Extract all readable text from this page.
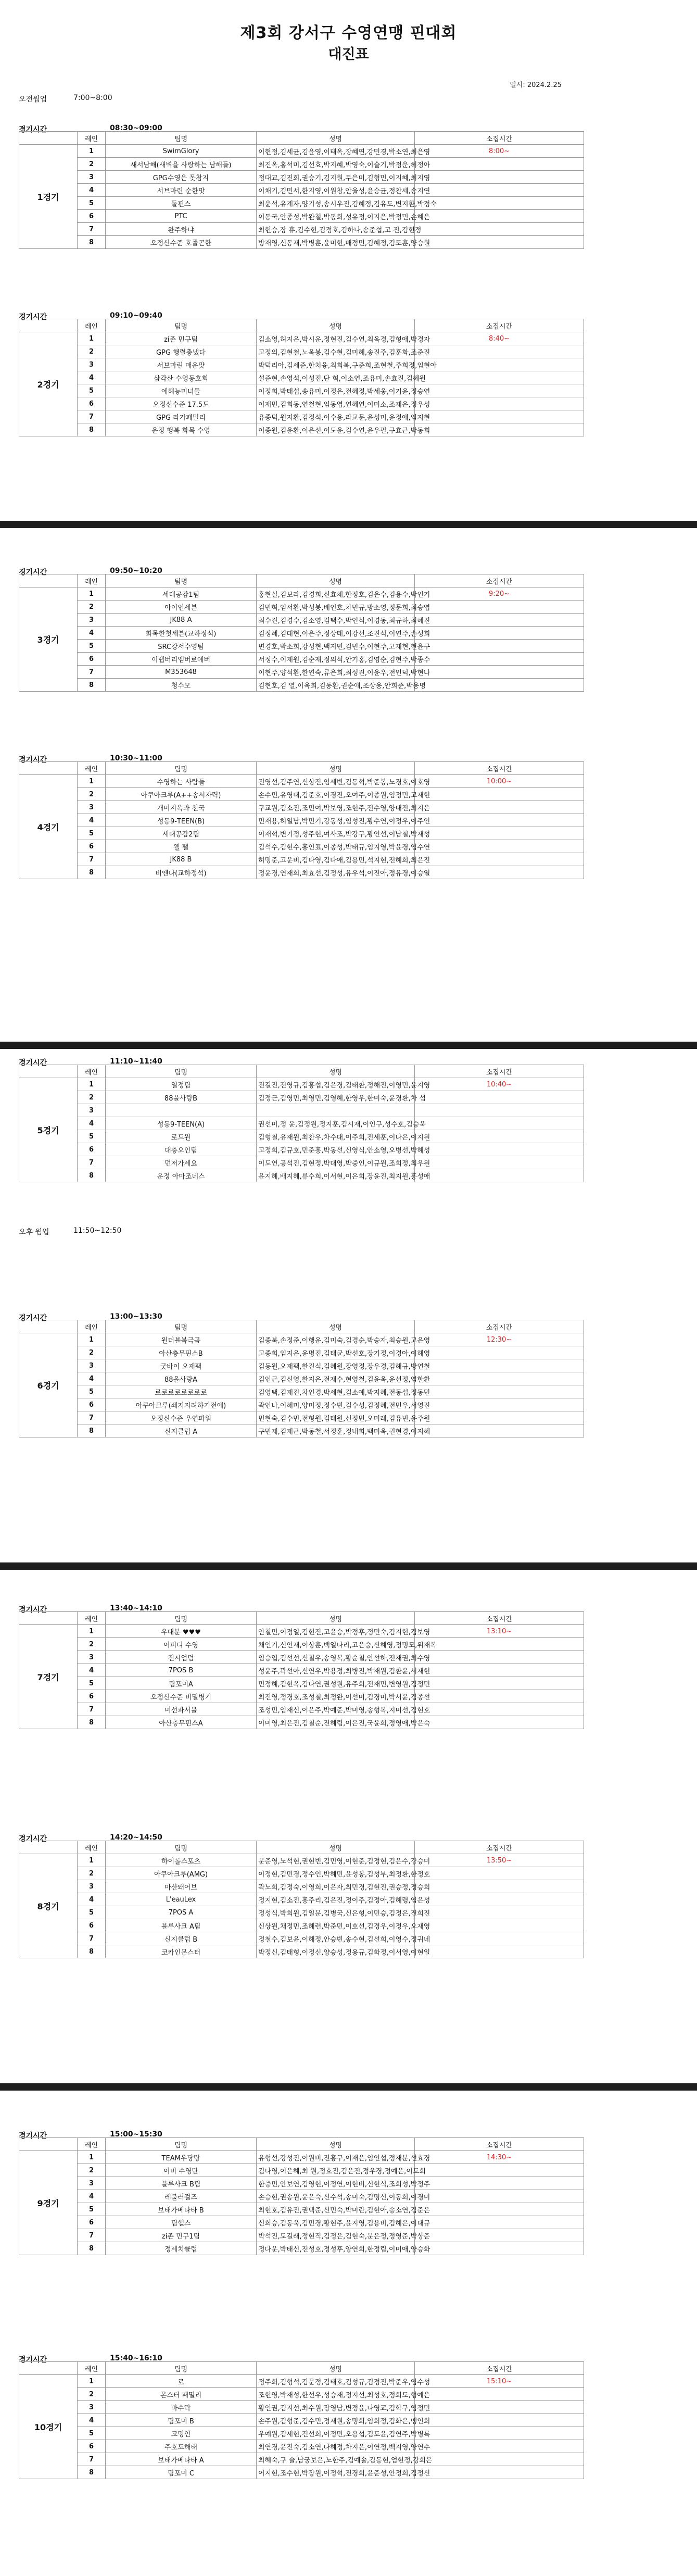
제3회 강서구 수영연맹 핀대회
대진표
일시: 2024.2.25
오전웜업	7:00~8:00
경기시간	08:30~09:00
	레인	팀명	성명	소집시간
1경기	1	SwimGlory	이현정,김세균,김윤영,이태옥,장혜연,강민경,박소연,최은영	8:00~
	2	새서남해(새벽을 사랑하는 남해들)	최진옥,홍석미,김선효,박지혜,박영숙,이슬기,박정운,허정아	
	3	GPG수영은 못참지	정대교,김진희,권승기,김지원,두은미,김형민,이지혜,최지영	
	4	서브마린 순한맛	이채기,김민서,한지영,이원창,안율성,윤승균,정찬세,송지연	
	5	돌핀스	최윤석,유계자,양기성,송시우진,김혜정,김유도,변지환,박정숙	
	6	PTC	이동국,안종성,박완철,박동희,성유정,이지은,박정민,손혜은	
	7	완주하냐	최현승,장 휴,김수현,김정호,김하나,송준섭,고 진,김현정	
	8	오정신수준 호졸곤한	방재영,신동재,박병훈,윤미현,배정민,김혜정,김도훈,양승원	
경기시간	09:10~09:40
	레인	팀명	성명	소집시간
2경기	1	zi존 민구팀	김소영,허지은,박시운,정현진,김수연,최옥경,김형애,박경자	8:40~
	2	GPG 행렬총냈다	고정의,김현철,노옥봉,김수현,김미혜,송진주,김훈화,조준진	
	3	서브마린 매운맛	박덕리아,김세준,한치융,최희복,구준희,조현철,주희정,임현아	
	4	삼각산 수영동호회	설준현,손영석,이성진,단 혁,이소연,조유미,손효진,김혜원	
	5	에헤능미녀들	이정희,박태섭,송유미,이정은,전혜정,박세웅,이기윤,정승연	
	6	오정신수준 17.5도	이재민,김희동,연철현,임동엽,연혜연,이미소,조재은,정우성	
	7	GPG 라가패밀리	유종덕,원지환,김정석,이수용,라교문,윤성미,윤정애,임지현	
	8	운정 행복 화목 수영	이종원,김윤환,이은선,이도윤,김수연,윤우필,구효근,박동희	
경기시간	09:50~10:20
	레인	팀명	성명	소집시간
3경기	1	세대공감1팀	홍현실,김보라,김경희,신효채,한정호,김은수,김용수,박인기	9:20~
	2	아이언세븐	김민혁,임서환,박성봉,배인호,차민규,방소영,정문희,최승엽	
	3	JK88 A	최수진,김경수,김소영,김택수,박인식,이경동,최규하,최혜진	
	4	화목한첫세븐(교하정석)	김정혜,김대현,이은주,정상태,이강선,조진식,이연주,손성희	
	5	SRC강서수영팀	변경호,박소희,강성현,백지민,김민수,이현주,고재현,현윤구	
	6	이랩버리엠버로에버	서정수,이재원,김순재,정의석,안기홍,김영순,김현주,박종수	
	7	M353648	이현주,양석환,한연숙,류은희,최성진,이윤우,전인덕,박현나	
	8	청수모	김현호,김 열,이옥희,김동환,권순애,조상용,안희준,박용명	
경기시간	10:30~11:00
	레인	팀명	성명	소집시간
4경기	1	수영하는 사람들	전영선,김주연,신상진,임세빈,김동혁,박준봉,노경호,이호영	10:00~
	2	아쿠아크루(A++송서자력)	손수민,유영대,김준호,이경진,오여주,이종원,임정민,고재현	
	3	개미지옥과 천국	구교원,김소진,조민여,박보영,조현주,전수영,양대진,최지은	
	4	성동9-TEEN(B)	민재용,허일남,박민기,강동성,임성진,황수연,이정우,이주인	
	5	세대공감2팀	이재혁,변기정,성주현,여사조,박강구,황인선,이남철,박재성	
	6	웰 팰	김석수,김현수,홍인표,이종성,박태규,임지영,박윤경,임수연	
	7	JK88 B	허명준,고운비,김다영,김다애,김용민,석지현,전혜희,최은진	
	8	비엔나(교하정석)	정윤경,연재희,최효선,김정성,유우석,이진아,정유경,이승열	
경기시간	11:10~11:40
	레인	팀명	성명	소집시간
5경기	1	열정팀	전길진,전영규,김홍섭,김은경,김태환,정해진,이영민,윤지영	10:40~
	2	88을사랑B	김정근,김영민,최영민,김영혜,한영우,한미숙,윤경환,차 섬	
	3			
	4	성동9-TEEN(A)	권선미,정 윤,김정원,정지훈,김시재,이인구,성수호,김승욱	
	5	로드원	김형철,유재원,최찬우,차수대,이주희,진세훈,이나은,이지원	
	6	대충오인팀	고정희,김규호,민준홍,박동선,신영식,안소영,오병선,박혜성	
	7	먼저가세요	이도연,공석진,김현정,박대영,박중인,이규원,조희정,최우원	
	8	운정 아마조네스	윤지혜,배지혜,류수희,이서현,이은희,장윤진,최지원,홍성애	
경기시간	13:00~13:30
	레인	팀명	성명	소집시간
6경기	1	원더블북극곰	김종북,손정준,이행운,김미숙,김경순,박승자,최승원,고은영	12:30~
	2	아산충무핀스B	고종희,임지은,윤명진,김태균,박선호,장기정,이경아,이해영	
	3	굿바이 오재팩	김동원,오재팩,한진식,김혜원,장영정,장우경,김해규,방연철	
	4	88을사랑A	김인근,김신영,한지은,전재수,현영철,김윤옥,윤선정,염한환	
	5	로로로로로로로로	김영택,김재진,차인경,박세현,김소예,박지혜,전동섭,정동민	
	6	아쿠아크루(쇄지지려하기전에)	곽인나,이혜미,양미정,정수빈,김수성,김정혜,전민우,서영진	
	7	오정신수준 우연파워	민현숙,김수민,전형원,김태원,신정민,오미래,김유빈,윤주원	
	8	신지클럽 A	구민재,김재근,박동철,서정훈,정내희,백미옥,권현경,이지혜	
경기시간	13:40~14:10
	레인	팀명	성명	소집시간
7경기	1	우대분 ♥♥♥	안철민,이정일,김현진,고윤승,박정후,정민숙,김지현,김보영	13:10~
	2	어퍼디 수영	채인기,신인재,이상훈,백일나리,고은숭,신혜영,정명모,위재복	
	3	진시엄덤	임승엽,김선선,신철우,송영복,황순철,안선하,전재권,최수영	
	4	7POS B	성윤주,곽선아,신연우,박용정,최병진,박재원,김환윤,서재현	
	5	팀포미A	민정혜,김현옥,김나연,권성원,유주희,전재민,변영원,김정민	
	6	오정신수준 비밀병기	최진영,정경호,조성철,최정완,이선미,김경미,박서윤,김종선	
	7	미선파서블	조성민,임재신,이은주,박예준,박미영,송형복,지미선,김현호	
	8	아산충무핀스A	이미영,최은진,김철순,전혜림,이은진,국윤희,정영애,박은숙	
경기시간	14:20~14:50
	레인	팀명	성명	소집시간
8경기	1	하이롤스포츠	문준영,노석현,권현빈,김민영,이현준,김정현,김은수,강승미	13:50~
	2	아쿠아크루(AMG)	이정현,김민경,정수인,박혜민,윤성봉,김성부,최정환,한정호	
	3	마산돼어브	곽노희,김정숙,이영희,이은자,최민경,김현진,권승정,정승희	
	4	L'eauLex	정지현,김소진,홍주리,김은진,정이주,김정아,김혜령,임은성	
	5	7POS A	정성식,박희원,김일문,김병국,신은형,이민승,김정은,전희진	
	6	블루사크 A팀	신상원,채정민,조혜련,박준민,이호선,김경우,이정우,오재영	
	7	신지클럽 B	정철수,김보윤,이해정,안승빈,송수현,김선희,이영수,정귀네	
	8	코카인몬스터	박정신,김태형,이정신,양승성,정용규,김화정,이서영,이현일	
경기시간	15:00~15:30
	레인	팀명	성명	소집시간
9경기	1	TEAM우당탕	유형선,강성진,이원비,전홍구,이재은,임인섭,정재분,선효경	14:30~
	2	이비 수영단	김나영,이은혜,최 원,정효진,김은진,정우경,정예은,이도희	
	3	블루사크 B팀	한중민,안보연,김영현,이정연,이현비,신현식,조희성,박정주	
	4	레불러걸즈	손승현,권송원,윤은숙,신수석,송미숙,김명신,이동희,이경미	
	5	보태가베나타 B	최현호,김유진,권택준,신민숙,박미란,김현아,송소연,김준은	
	6	팀헬스	신희승,김동욱,김민경,황현주,윤지영,김용비,김헤은,이대규	
	7	zi존 민구1팀	박석진,도길래,정현직,김정은,김현숙,문은정,정영준,박상준	
	8	정세치클럽	정다운,박태신,전성호,정성후,양연희,한정림,이미애,양승화	
경기시간	15:40~16:10
	레인	팀명	성명	소집시간
10경기	1	로	정주희,김형석,김문정,김태호,김성규,김정진,박준우,임수성	15:10~
	2	몬스터 패밀리	조현영,박재성,한선우,성승재,정지선,최성호,정희도,형예은	
	3	바수락	황인권,김지선,최수원,장영남,변정윤,나영교,김학구,임정민	
	4	팀포미 B	손주원,김형준,김수민,정재원,송명희,임희정,김화은,맹인희	
	5	고명인	우예원,김세현,건선희,이정민,오용섭,김도윤,김연주,박병록	
	6	주호도해태	최연경,윤진숙,김소연,나혜정,차지은,이연정,백지영,양연수	
	7	보태가베나타 A	최혜숙,구 슬,남궁보은,노한주,김예솔,김동현,엄현정,강희은	
	8	팀포미 C	어지현,조수현,박장원,이정혁,전경희,윤준성,안정희,김정신	
오후 웜업	11:50~12:50
